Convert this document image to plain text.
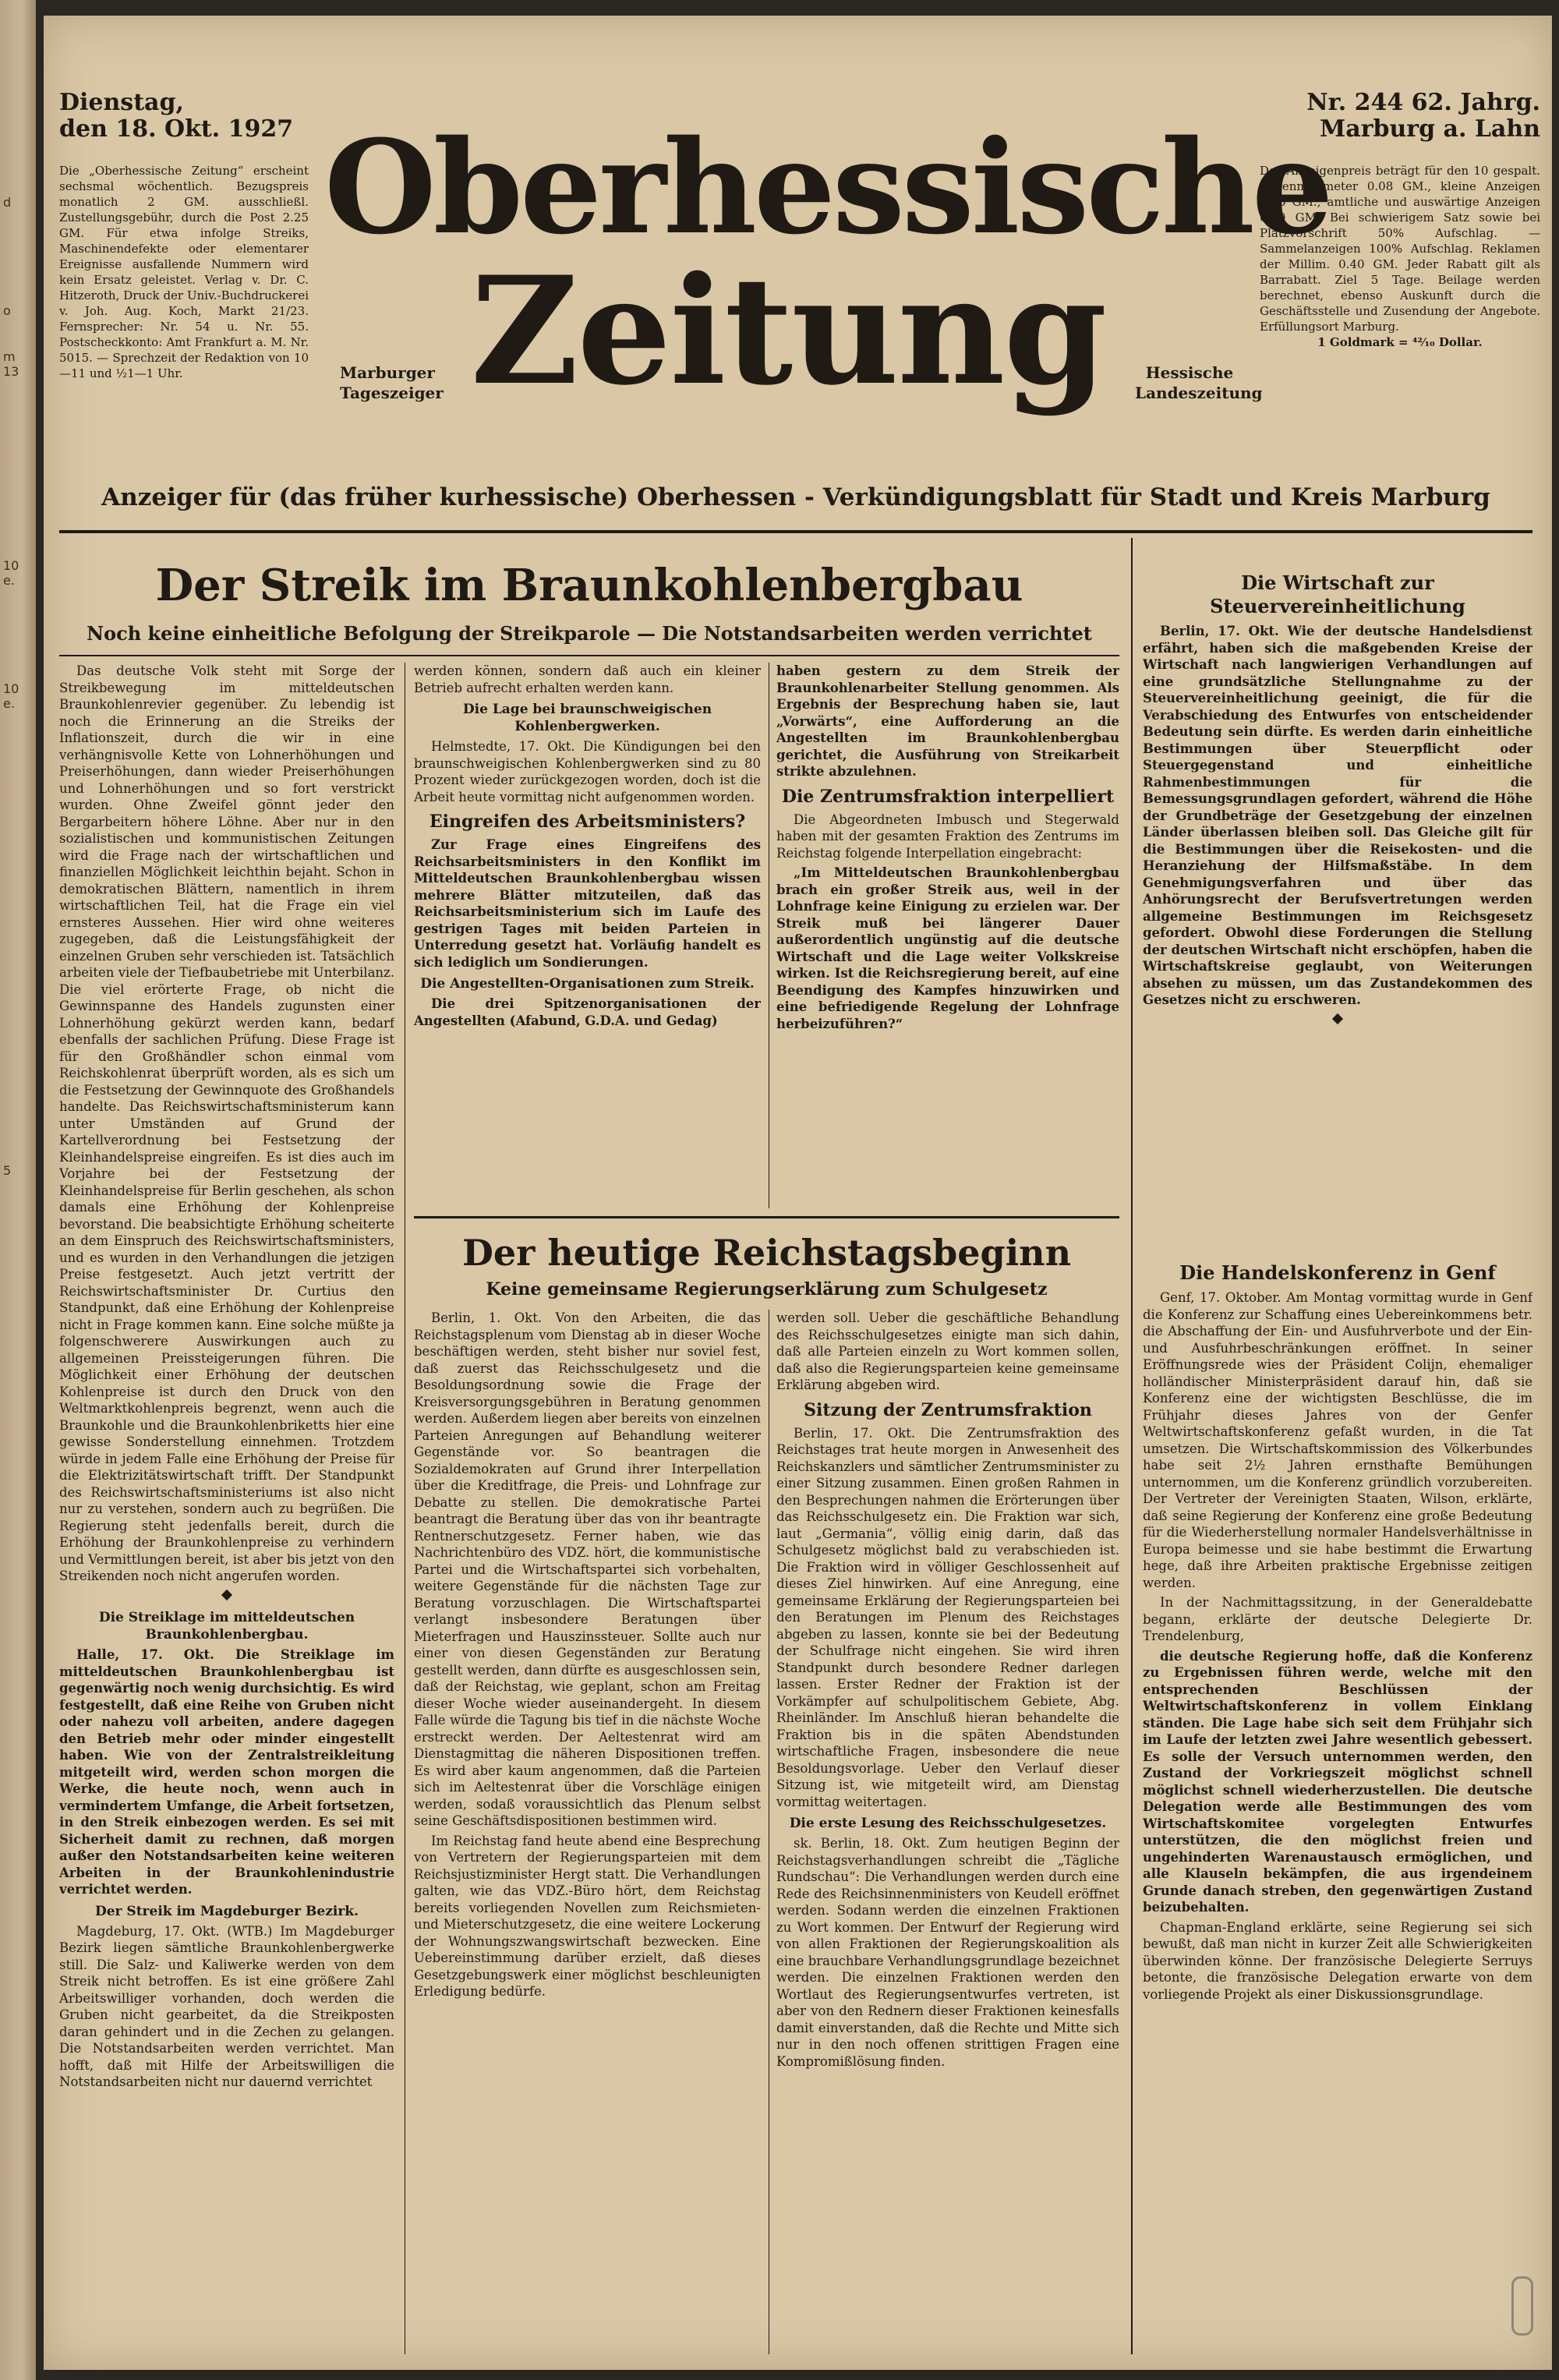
d
o
m
13
10
e.
10
e.
5
Dienstag,
den 18. Okt. 1927
Die „Oberhessische Zeitung“ erscheint sechsmal wöchentlich. Bezugspreis monatlich 2 GM. ausschließl. Zustellungsgebühr, durch die Post 2.25 GM. Für etwa infolge Streiks, Maschinendefekte oder elementarer Ereignisse ausfallende Nummern wird kein Ersatz geleistet. Verlag v. Dr. C. Hitzeroth, Druck der Univ.-Buchdruckerei v. Joh. Aug. Koch, Markt 21/23. Fernsprecher: Nr. 54 u. Nr. 55. Postscheckkonto: Amt Frankfurt a. M. Nr. 5015. — Sprechzeit der Redaktion von 10—11 und ½1—1 Uhr.
Nr. 244 62. Jahrg.
Marburg a. Lahn
Der Anzeigenpreis beträgt für den 10 gespalt. Zeilenmillimeter 0.08 GM., kleine Anzeigen 0.06 GM., amtliche und auswärtige Anzeigen 0.10 GM. Bei schwierigem Satz sowie bei Platzvorschrift 50% Aufschlag. — Sammelanzeigen 100% Aufschlag. Reklamen der Millim. 0.40 GM. Jeder Rabatt gilt als Barrabatt. Ziel 5 Tage. Beilage werden berechnet, ebenso Auskunft durch die Geschäftsstelle und Zusendung der Angebote. Erfüllungsort Marburg.
1 Goldmark = ⁴²⁄₁₀ Dollar.
Oberhessische
Zeitung
Marburger
Tageszeiger
Hessische
Landeszeitung
Anzeiger für (das früher kurhessische) Oberhessen - Verkündigungsblatt für Stadt und Kreis Marburg
Der Streik im Braunkohlenbergbau
Noch keine einheitliche Befolgung der Streikparole — Die Notstandsarbeiten werden verrichtet

Das deutsche Volk steht mit Sorge der Streikbewegung im mitteldeutschen Braunkohlenrevier gegenüber. Zu lebendig ist noch die Erinnerung an die Streiks der Inflationszeit, durch die wir in eine verhängnisvolle Kette von Lohnerhöhungen und Preiserhöhungen, dann wieder Preiserhöhungen und Lohnerhöhungen und so fort verstrickt wurden. Ohne Zweifel gönnt jeder den Bergarbeitern höhere Löhne. Aber nur in den sozialistischen und kommunistischen Zeitungen wird die Frage nach der wirtschaftlichen und finanziellen Möglichkeit leichthin bejaht. Schon in demokratischen Blättern, namentlich in ihrem wirtschaftlichen Teil, hat die Frage ein viel ernsteres Aussehen. Hier wird ohne weiteres zugegeben, daß die Leistungsfähigkeit der einzelnen Gruben sehr verschieden ist. Tatsächlich arbeiten viele der Tiefbaubetriebe mit Unterbilanz. Die viel erörterte Frage, ob nicht die Gewinnspanne des Handels zugunsten einer Lohnerhöhung gekürzt werden kann, bedarf ebenfalls der sachlichen Prüfung. Diese Frage ist für den Großhändler schon einmal vom Reichskohlenrat überprüft worden, als es sich um die Festsetzung der Gewinnquote des Großhandels handelte. Das Reichswirtschaftsministerum kann unter Umständen auf Grund der Kartellverordnung bei Festsetzung der Kleinhandelspreise eingreifen. Es ist dies auch im Vorjahre bei der Festsetzung der Kleinhandelspreise für Berlin geschehen, als schon damals eine Erhöhung der Kohlenpreise bevorstand. Die beabsichtigte Erhöhung scheiterte an dem Einspruch des Reichswirtschaftsministers, und es wurden in den Verhandlungen die jetzigen Preise festgesetzt. Auch jetzt vertritt der Reichswirtschaftsminister Dr. Curtius den Standpunkt, daß eine Erhöhung der Kohlenpreise nicht in Frage kommen kann. Eine solche müßte ja folgenschwerere Auswirkungen auch zu allgemeinen Preissteigerungen führen. Die Möglichkeit einer Erhöhung der deutschen Kohlenpreise ist durch den Druck von den Weltmarktkohlenpreis begrenzt, wenn auch die Braunkohle und die Braunkohlenbriketts hier eine gewisse Sonderstellung einnehmen. Trotzdem würde in jedem Falle eine Erhöhung der Preise für die Elektrizitätswirtschaft trifft. Der Standpunkt des Reichswirtschaftsministeriums ist also nicht nur zu verstehen, sondern auch zu begrüßen. Die Regierung steht jedenfalls bereit, durch die Erhöhung der Braunkohlenpreise zu verhindern und Vermittlungen bereit, ist aber bis jetzt von den Streikenden noch nicht angerufen worden.

Die Streiklage im mitteldeutschen Braunkohlenbergbau.

Halle, 17. Okt. Die Streiklage im mitteldeutschen Braunkohlenbergbau ist gegenwärtig noch wenig durchsichtig. Es wird festgestellt, daß eine Reihe von Gruben nicht oder nahezu voll arbeiten, andere dagegen den Betrieb mehr oder minder eingestellt haben. Wie von der Zentralstreikleitung mitgeteilt wird, werden schon morgen die Werke, die heute noch, wenn auch in vermindertem Umfange, die Arbeit fortsetzen, in den Streik einbezogen werden. Es sei mit Sicherheit damit zu rechnen, daß morgen außer den Notstandsarbeiten keine weiteren Arbeiten in der Braunkohlenindustrie verrichtet werden.

Der Streik im Magdeburger Bezirk.

Magdeburg, 17. Okt. (WTB.) Im Magdeburger Bezirk liegen sämtliche Braunkohlenbergwerke still. Die Salz- und Kaliwerke werden von dem Streik nicht betroffen. Es ist eine größere Zahl Arbeitswilliger vorhanden, doch werden die Gruben nicht gearbeitet, da die Streikposten daran gehindert und in die Zechen zu gelangen. Die Notstandsarbeiten werden verrichtet. Man hofft, daß mit Hilfe der Arbeitswilligen die Notstandsarbeiten nicht nur dauernd verrichtet

werden können, sondern daß auch ein kleiner Betrieb aufrecht erhalten werden kann.

Die Lage bei braunschweigischen Kohlenbergwerken.

Helmstedte, 17. Okt. Die Kündigungen bei den braunschweigischen Kohlenbergwerken sind zu 80 Prozent wieder zurückgezogen worden, doch ist die Arbeit heute vormittag nicht aufgenommen worden.

Eingreifen des Arbeitsministers?

Zur Frage eines Eingreifens des Reichsarbeitsministers in den Konflikt im Mitteldeutschen Braunkohlenbergbau wissen mehrere Blätter mitzuteilen, daß das Reichsarbeitsministerium sich im Laufe des gestrigen Tages mit beiden Parteien in Unterredung gesetzt hat. Vorläufig handelt es sich lediglich um Sondierungen.

Die Angestellten-Organisationen zum Streik.

Die drei Spitzenorganisationen der Angestellten (Afabund, G.D.A. und Gedag)

haben gestern zu dem Streik der Braunkohlenarbeiter Stellung genommen. Als Ergebnis der Besprechung haben sie, laut „Vorwärts“, eine Aufforderung an die Angestellten im Braunkohlenbergbau gerichtet, die Ausführung von Streikarbeit strikte abzulehnen.

Die Zentrumsfraktion interpelliert

Die Abgeordneten Imbusch und Stegerwald haben mit der gesamten Fraktion des Zentrums im Reichstag folgende Interpellation eingebracht:

„Im Mitteldeutschen Braunkohlenbergbau brach ein großer Streik aus, weil in der Lohnfrage keine Einigung zu erzielen war. Der Streik muß bei längerer Dauer außerordentlich ungünstig auf die deutsche Wirtschaft und die Lage weiter Volkskreise wirken. Ist die Reichsregierung bereit, auf eine Beendigung des Kampfes hinzuwirken und eine befriedigende Regelung der Lohnfrage herbeizuführen?“

Der heutige Reichstagsbeginn
Keine gemeinsame Regierungserklärung zum Schulgesetz

Berlin, 1. Okt. Von den Arbeiten, die das Reichstagsplenum vom Dienstag ab in dieser Woche beschäftigen werden, steht bisher nur soviel fest, daß zuerst das Reichsschulgesetz und die Besoldungsordnung sowie die Frage der Kreisversorgungsgebühren in Beratung genommen werden. Außerdem liegen aber bereits von einzelnen Parteien Anregungen auf Behandlung weiterer Gegenstände vor. So beantragen die Sozialdemokraten auf Grund ihrer Interpellation über die Kreditfrage, die Preis- und Lohnfrage zur Debatte zu stellen. Die demokratische Partei beantragt die Beratung über das von ihr beantragte Rentnerschutzgesetz. Ferner haben, wie das Nachrichtenbüro des VDZ. hört, die kommunistische Partei und die Wirtschaftspartei sich vorbehalten, weitere Gegenstände für die nächsten Tage zur Beratung vorzuschlagen. Die Wirtschaftspartei verlangt insbesondere Beratungen über Mieterfragen und Hauszinssteuer. Sollte auch nur einer von diesen Gegenständen zur Beratung gestellt werden, dann dürfte es ausgeschlossen sein, daß der Reichstag, wie geplant, schon am Freitag dieser Woche wieder auseinandergeht. In diesem Falle würde die Tagung bis tief in die nächste Woche erstreckt werden. Der Aeltestenrat wird am Dienstagmittag die näheren Dispositionen treffen. Es wird aber kaum angenommen, daß die Parteien sich im Aeltestenrat über die Vorschläge einigen werden, sodaß voraussichtlich das Plenum selbst seine Geschäftsdispositionen bestimmen wird.

Im Reichstag fand heute abend eine Besprechung von Vertretern der Regierungsparteien mit dem Reichsjustizminister Hergt statt. Die Verhandlungen galten, wie das VDZ.-Büro hört, dem Reichstag bereits vorliegenden Novellen zum Reichsmieten- und Mieterschutzgesetz, die eine weitere Lockerung der Wohnungszwangswirtschaft bezwecken. Eine Uebereinstimmung darüber erzielt, daß dieses Gesetzgebungswerk einer möglichst beschleunigten Erledigung bedürfe.

werden soll. Ueber die geschäftliche Behandlung des Reichsschulgesetzes einigte man sich dahin, daß alle Parteien einzeln zu Wort kommen sollen, daß also die Regierungsparteien keine gemeinsame Erklärung abgeben wird.

Sitzung der Zentrumsfraktion

Berlin, 17. Okt. Die Zentrumsfraktion des Reichstages trat heute morgen in Anwesenheit des Reichskanzlers und sämtlicher Zentrumsminister zu einer Sitzung zusammen. Einen großen Rahmen in den Besprechungen nahmen die Erörterungen über das Reichsschulgesetz ein. Die Fraktion war sich, laut „Germania“, völlig einig darin, daß das Schulgesetz möglichst bald zu verabschieden ist. Die Fraktion wird in völliger Geschlossenheit auf dieses Ziel hinwirken. Auf eine Anregung, eine gemeinsame Erklärung der Regierungsparteien bei den Beratungen im Plenum des Reichstages abgeben zu lassen, konnte sie bei der Bedeutung der Schulfrage nicht eingehen. Sie wird ihren Standpunkt durch besondere Redner darlegen lassen. Erster Redner der Fraktion ist der Vorkämpfer auf schulpolitischem Gebiete, Abg. Rheinländer. Im Anschluß hieran behandelte die Fraktion bis in die späten Abendstunden wirtschaftliche Fragen, insbesondere die neue Besoldungsvorlage. Ueber den Verlauf dieser Sitzung ist, wie mitgeteilt wird, am Dienstag vormittag weitertagen.

Die erste Lesung des Reichsschulgesetzes.

sk. Berlin, 18. Okt. Zum heutigen Beginn der Reichstagsverhandlungen schreibt die „Tägliche Rundschau“: Die Verhandlungen werden durch eine Rede des Reichsinnenministers von Keudell eröffnet werden. Sodann werden die einzelnen Fraktionen zu Wort kommen. Der Entwurf der Regierung wird von allen Fraktionen der Regierungskoalition als eine brauchbare Verhandlungsgrundlage bezeichnet werden. Die einzelnen Fraktionen werden den Wortlaut des Regierungsentwurfes vertreten, ist aber von den Rednern dieser Fraktionen keinesfalls damit einverstanden, daß die Rechte und Mitte sich nur in den noch offenen strittigen Fragen eine Kompromißlösung finden.

Die Wirtschaft zur Steuervereinheitlichung

Berlin, 17. Okt. Wie der deutsche Handelsdienst erfährt, haben sich die maßgebenden Kreise der Wirtschaft nach langwierigen Verhandlungen auf eine grundsätzliche Stellungnahme zu der Steuervereinheitlichung geeinigt, die für die Verabschiedung des Entwurfes von entscheidender Bedeutung sein dürfte. Es werden darin einheitliche Bestimmungen über Steuerpflicht oder Steuergegenstand und einheitliche Rahmenbestimmungen für die Bemessungsgrundlagen gefordert, während die Höhe der Grundbeträge der Gesetzgebung der einzelnen Länder überlassen bleiben soll. Das Gleiche gilt für die Bestimmungen über die Reisekosten- und die Heranziehung der Hilfsmaßstäbe. In dem Genehmigungsverfahren und über das Anhörungsrecht der Berufsvertretungen werden allgemeine Bestimmungen im Reichsgesetz gefordert. Obwohl diese Forderungen die Stellung der deutschen Wirtschaft nicht erschöpfen, haben die Wirtschaftskreise geglaubt, von Weiterungen absehen zu müssen, um das Zustandekommen des Gesetzes nicht zu erschweren.

Die Handelskonferenz in Genf

Genf, 17. Oktober. Am Montag vormittag wurde in Genf die Konferenz zur Schaffung eines Uebereinkommens betr. die Abschaffung der Ein- und Ausfuhrverbote und der Ein- und Ausfuhrbeschränkungen eröffnet. In seiner Eröffnungsrede wies der Präsident Colijn, ehemaliger holländischer Ministerpräsident darauf hin, daß sie Konferenz eine der wichtigsten Beschlüsse, die im Frühjahr dieses Jahres von der Genfer Weltwirtschaftskonferenz gefaßt wurden, in die Tat umsetzen. Die Wirtschaftskommission des Völkerbundes habe seit 2½ Jahren ernsthafte Bemühungen unternommen, um die Konferenz gründlich vorzubereiten. Der Vertreter der Vereinigten Staaten, Wilson, erklärte, daß seine Regierung der Konferenz eine große Bedeutung für die Wiederherstellung normaler Handelsverhältnisse in Europa beimesse und sie habe bestimmt die Erwartung hege, daß ihre Arbeiten praktische Ergebnisse zeitigen werden.

In der Nachmittagssitzung, in der Generaldebatte begann, erklärte der deutsche Delegierte Dr. Trendelenburg,

die deutsche Regierung hoffe, daß die Konferenz zu Ergebnissen führen werde, welche mit den entsprechenden Beschlüssen der Weltwirtschaftskonferenz in vollem Einklang ständen. Die Lage habe sich seit dem Frühjahr sich im Laufe der letzten zwei Jahre wesentlich gebessert. Es solle der Versuch unternommen werden, den Zustand der Vorkriegszeit möglichst schnell möglichst schnell wiederherzustellen. Die deutsche Delegation werde alle Bestimmungen des vom Wirtschaftskomitee vorgelegten Entwurfes unterstützen, die den möglichst freien und ungehinderten Warenaustausch ermöglichen, und alle Klauseln bekämpfen, die aus irgendeinem Grunde danach streben, den gegenwärtigen Zustand beizubehalten.

Chapman-England erklärte, seine Regierung sei sich bewußt, daß man nicht in kurzer Zeit alle Schwierigkeiten überwinden könne. Der französische Delegierte Serruys betonte, die französische Delegation erwarte von dem vorliegende Projekt als einer Diskussionsgrundlage.
